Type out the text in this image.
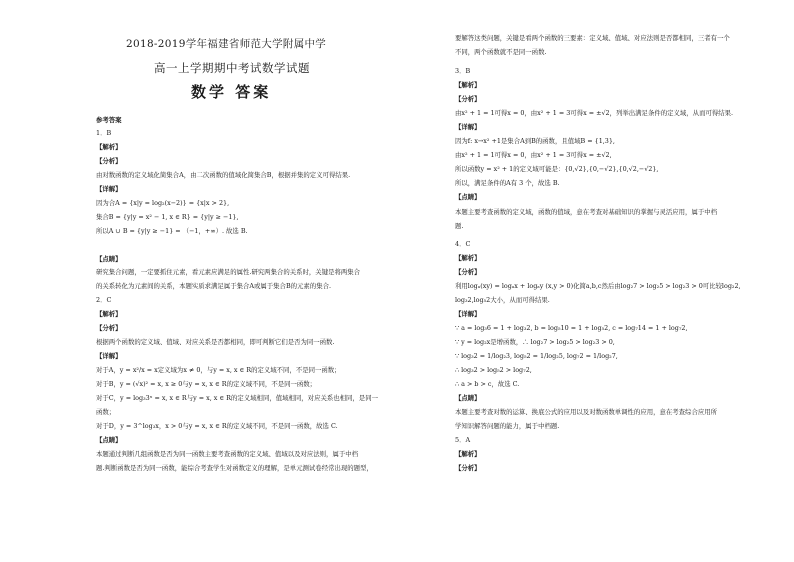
2018-2019学年福建省师范大学附属中学
高一上学期期中考试数学试题
数学 答案
参考答案
1．B
【解析】
【分析】
由对数函数的定义域化简集合A，由二次函数的值域化简集合B，根据并集的定义可得结果.
【详解】
因为合A = {x|y = log₂(x−2)} = {x|x > 2},
集合B = {y|y = x² − 1, x ∈ R} = {y|y ≥ −1},
所以A ∪ B = {y|y ≥ −1} = （−1，+∞）. 故选 B.
【点睛】
研究集合问题，一定要抓住元素，看元素应满足的属性.研究两集合的关系时，关键是将两集合
的关系转化为元素间的关系，本题实质求满足属于集合A或属于集合B的元素的集合.
2．C
【解析】
【分析】
根据两个函数的定义域、值域、对应关系是否都相同，即可判断它们是否为同一函数.
【详解】
对于A，y = x²/x = x定义域为x ≠ 0，与y = x, x ∈ R的定义域不同，不是同一函数；
对于B，y = (√x)² = x, x ≥ 0与y = x, x ∈ R的定义域不同，不是同一函数；
对于C，y = log₃3ˣ = x, x ∈ R与y = x, x ∈ R的定义域相同，值域相同，对应关系也相同，是同一
函数；
对于D，y = 3^log₃x，x > 0与y = x, x ∈ R的定义域不同，不是同一函数，故选 C.
【点睛】
本题通过判断几组函数是否为同一函数主要考查函数的定义域、值域以及对应法则，属于中档
题.判断函数是否为同一函数，能综合考查学生对函数定义的理解，是单元测试卷经常出现的题型，
要解答这类问题，关键是看两个函数的三要素：定义域、值域、对应法则是否都相同，三者有一个
不同，两个函数就不是同一函数.
3．B
【解析】
【分析】
由x² + 1 = 1可得x = 0，由x² + 1 = 3可得x = ±√2，列举出满足条件的定义域，从而可得结果.
【详解】
因为f: x→x² +1是集合A到B的函数，且值域B = {1,3},
由x² + 1 = 1可得x = 0，由x² + 1 = 3可得x = ±√2,
所以函数y = x² + 1的定义域可能是：{0,√2},{0,−√2},{0,√2,−√2},
所以，满足条件的A有 3 个，故选 B.
【点睛】
本题主要考查函数的定义域，函数的值域，意在考查对基础知识的掌握与灵活应用，属于中档
题.
4．C
【解析】
【分析】
利用logₐ(xy) = logₐx + logₐy (x,y > 0)化简a,b,c然后由log₂7 > log₂5 > log₂3 > 0可比较log₂2,
log₃2,log₅2大小，从而可得结果.
【详解】
∵ a = log₃6 = 1 + log₃2, b = log₅10 = 1 + log₅2, c = log₇14 = 1 + log₇2,
∵ y = log₂x是增函数，∴ log₂7 > log₂5 > log₂3 > 0,
∵ log₃2 = 1/log₂3, log₅2 = 1/log₂5, log₇2 = 1/log₂7,
∴ log₃2 > log₅2 > log₇2,
∴ a > b > c，故选 C.
【点睛】
本题主要考查对数的运算、换底公式的应用以及对数函数单调性的应用，意在考查综合应用所
学知识解答问题的能力，属于中档题.
5．A
【解析】
【分析】
